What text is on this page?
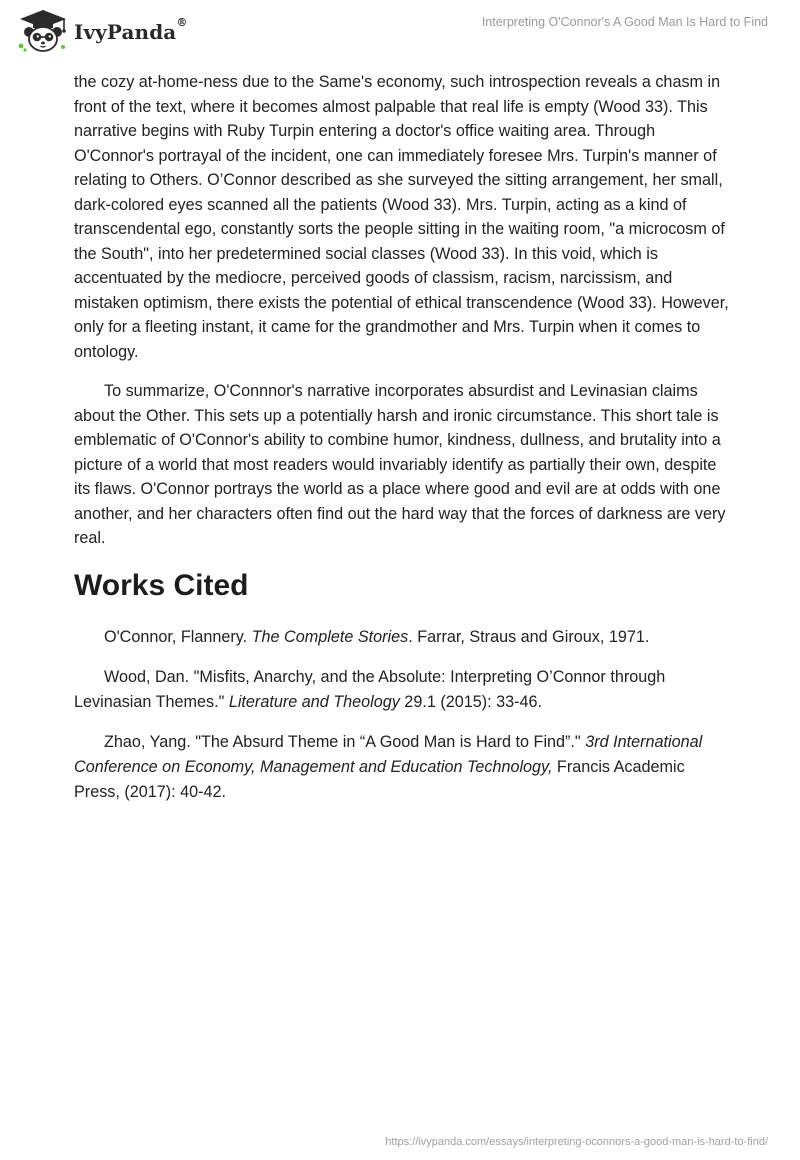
IvyPanda®	Interpreting O'Connor's A Good Man Is Hard to Find

the cozy at-home-ness due to the Same's economy, such introspection reveals a chasm in front of the text, where it becomes almost palpable that real life is empty (Wood 33). This narrative begins with Ruby Turpin entering a doctor's office waiting area. Through O'Connor's portrayal of the incident, one can immediately foresee Mrs. Turpin's manner of relating to Others. O’Connor described as she surveyed the sitting arrangement, her small, dark-colored eyes scanned all the patients (Wood 33). Mrs. Turpin, acting as a kind of transcendental ego, constantly sorts the people sitting in the waiting room, "a microcosm of the South", into her predetermined social classes (Wood 33). In this void, which is accentuated by the mediocre, perceived goods of classism, racism, narcissism, and mistaken optimism, there exists the potential of ethical transcendence (Wood 33). However, only for a fleeting instant, it came for the grandmother and Mrs. Turpin when it comes to ontology.

To summarize, O'Connnor's narrative incorporates absurdist and Levinasian claims about the Other. This sets up a potentially harsh and ironic circumstance. This short tale is emblematic of O'Connor's ability to combine humor, kindness, dullness, and brutality into a picture of a world that most readers would invariably identify as partially their own, despite its flaws. O'Connor portrays the world as a place where good and evil are at odds with one another, and her characters often find out the hard way that the forces of darkness are very real.

Works Cited

O'Connor, Flannery. The Complete Stories. Farrar, Straus and Giroux, 1971.

Wood, Dan. "Misfits, Anarchy, and the Absolute: Interpreting O’Connor through Levinasian Themes." Literature and Theology 29.1 (2015): 33-46.

Zhao, Yang. "The Absurd Theme in “A Good Man is Hard to Find”." 3rd International Conference on Economy, Management and Education Technology, Francis Academic Press, (2017): 40-42.

https://ivypanda.com/essays/interpreting-oconnors-a-good-man-is-hard-to-find/
